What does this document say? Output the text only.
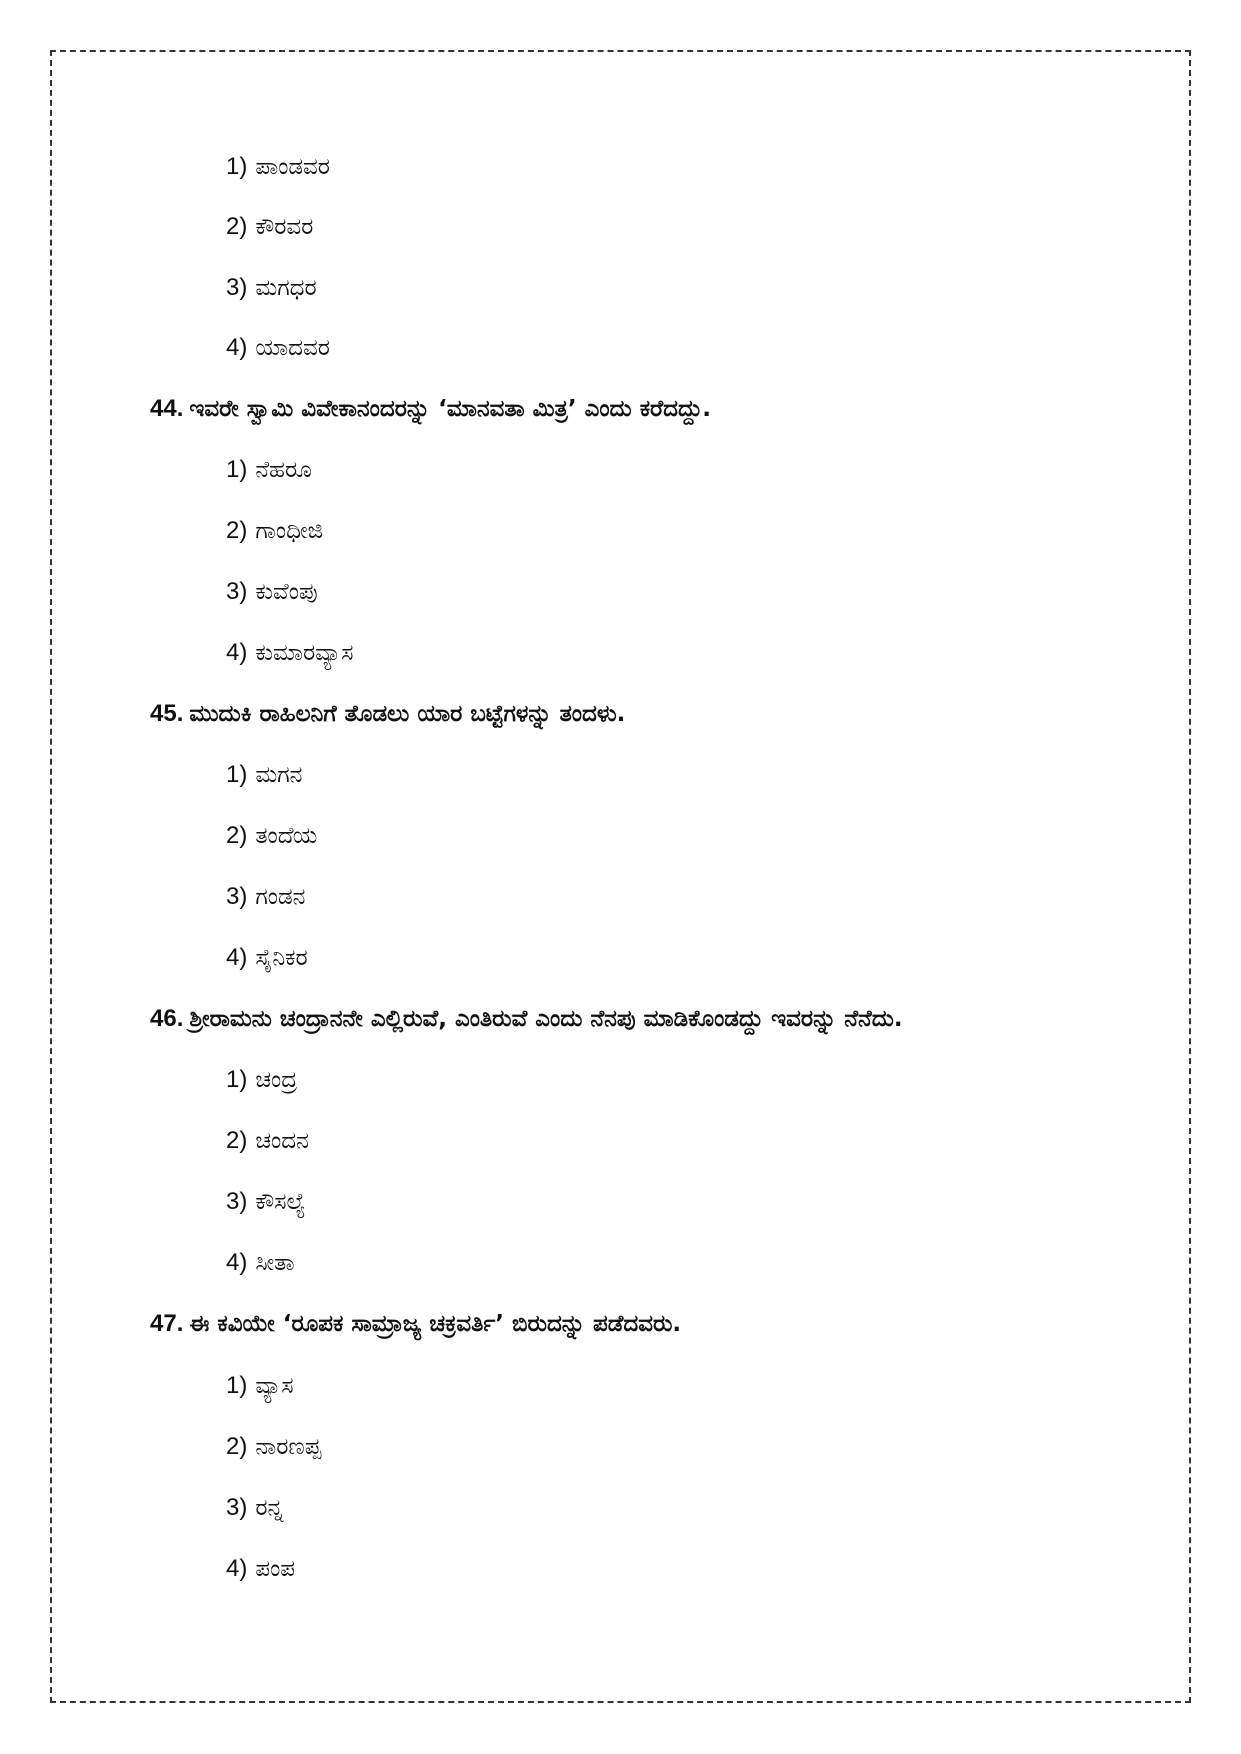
1) ಪಾಂಡವರ
2) ಕೌರವರ
3) ಮಗಧರ
4) ಯಾದವರ
44. ಇವರೇ ಸ್ವಾಮಿ ವಿವೇಕಾನಂದರನ್ನು ‘ಮಾನವತಾ ಮಿತ್ರ’ ಎಂದು ಕರೆದದ್ದು.
1) ನೆಹರೂ
2) ಗಾಂಧೀಜಿ
3) ಕುವೆಂಪು
4) ಕುಮಾರವ್ಯಾಸ
45. ಮುದುಕಿ ರಾಹಿಲನಿಗೆ ತೊಡಲು ಯಾರ ಬಟ್ಟೆಗಳನ್ನು ತಂದಳು.
1) ಮಗನ
2) ತಂದೆಯ
3) ಗಂಡನ
4) ಸೈನಿಕರ
46. ಶ್ರೀರಾಮನು ಚಂದ್ರಾನನೇ ಎಲ್ಲಿರುವೆ, ಎಂತಿರುವೆ ಎಂದು ನೆನಪು ಮಾಡಿಕೊಂಡದ್ದು ಇವರನ್ನು ನೆನೆದು.
1) ಚಂದ್ರ
2) ಚಂದನ
3) ಕೌಸಲ್ಯೆ
4) ಸೀತಾ
47. ಈ ಕವಿಯೇ ‘ರೂಪಕ ಸಾಮ್ರಾಜ್ಯ ಚಕ್ರವರ್ತಿ’ ಬಿರುದನ್ನು ಪಡೆದವರು.
1) ವ್ಯಾಸ
2) ನಾರಣಪ್ಪ
3) ರನ್ನ
4) ಪಂಪ
